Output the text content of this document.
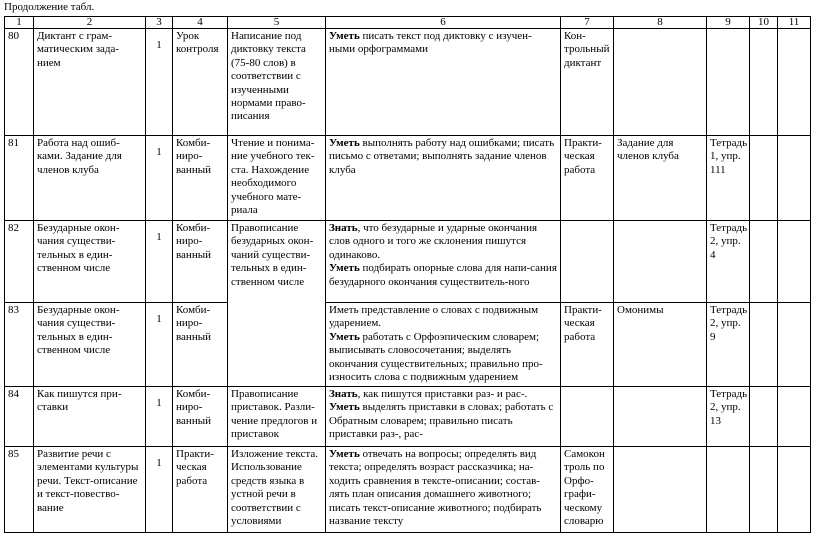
Продолжение табл.
1	2	3	4	5	6	7	8	9	10	11
80	Диктант с грам-матическим зада-нием	1	Урок контроля	Написание под диктовку текста (75-80 слов) в соответствии с изученными нормами право-писания	Уметь писать текст под диктовку с изучен-ными орфограммами	Кон-трольный диктант				
81	Работа над ошиб-ками. Задание для членов клуба	1	Комби-ниро-ванный	Чтение и понима-ние учебного тек-ста. Нахождение необходимого учебного мате-риала	Уметь выполнять работу над ошибками; писать письмо с ответами; выполнять задание членов клуба	Практи-ческая работа	Задание для членов клуба	Тетрадь 1, упр. 111		
82	Безударные окон-чания существи-тельных в един-ственном числе	1	Комби-ниро-ванный	Правописание безударных окон-чаний существи-тельных в един-ственном числе	Знать, что безударные и ударные окончания слов одного и того же склонения пишутся одинаково.
Уметь подбирать опорные слова для напи-сания безударного окончания существитель-ного			Тетрадь 2, упр. 4		
83	Безударные окон-чания существи-тельных в един-ственном числе	1	Комби-ниро-ванный		Иметь представление о словах с подвижным ударением.
Уметь работать с Орфоэпическим словарем; выписывать словосочетания; выделять окончания существительных; правильно про-износить слова с подвижным ударением	Практи-ческая работа	Омонимы	Тетрадь 2, упр. 9		
84	Как пишутся при-ставки	1	Комби-ниро-ванный	Правописание приставок. Разли-чение предлогов и приставок	Знать, как пишутся приставки раз- и рас-.
Уметь выделять приставки в словах; работать с Обратным словарем; правильно писать приставки раз-, рас-			Тетрадь 2, упр. 13		
85	Развитие речи с элементами культуры речи. Текст-описание и текст-повество-вание	1	Практи-ческая работа	Изложение текста. Использование средств языка в устной речи в соответствии с условиями	Уметь отвечать на вопросы; определять вид текста; определять возраст рассказчика; на-ходить сравнения в тексте-описании; состав-лять план описания домашнего животного; писать текст-описание животного; подбирать название тексту	Самокон троль по Орфо-графи-ческому словарю				
